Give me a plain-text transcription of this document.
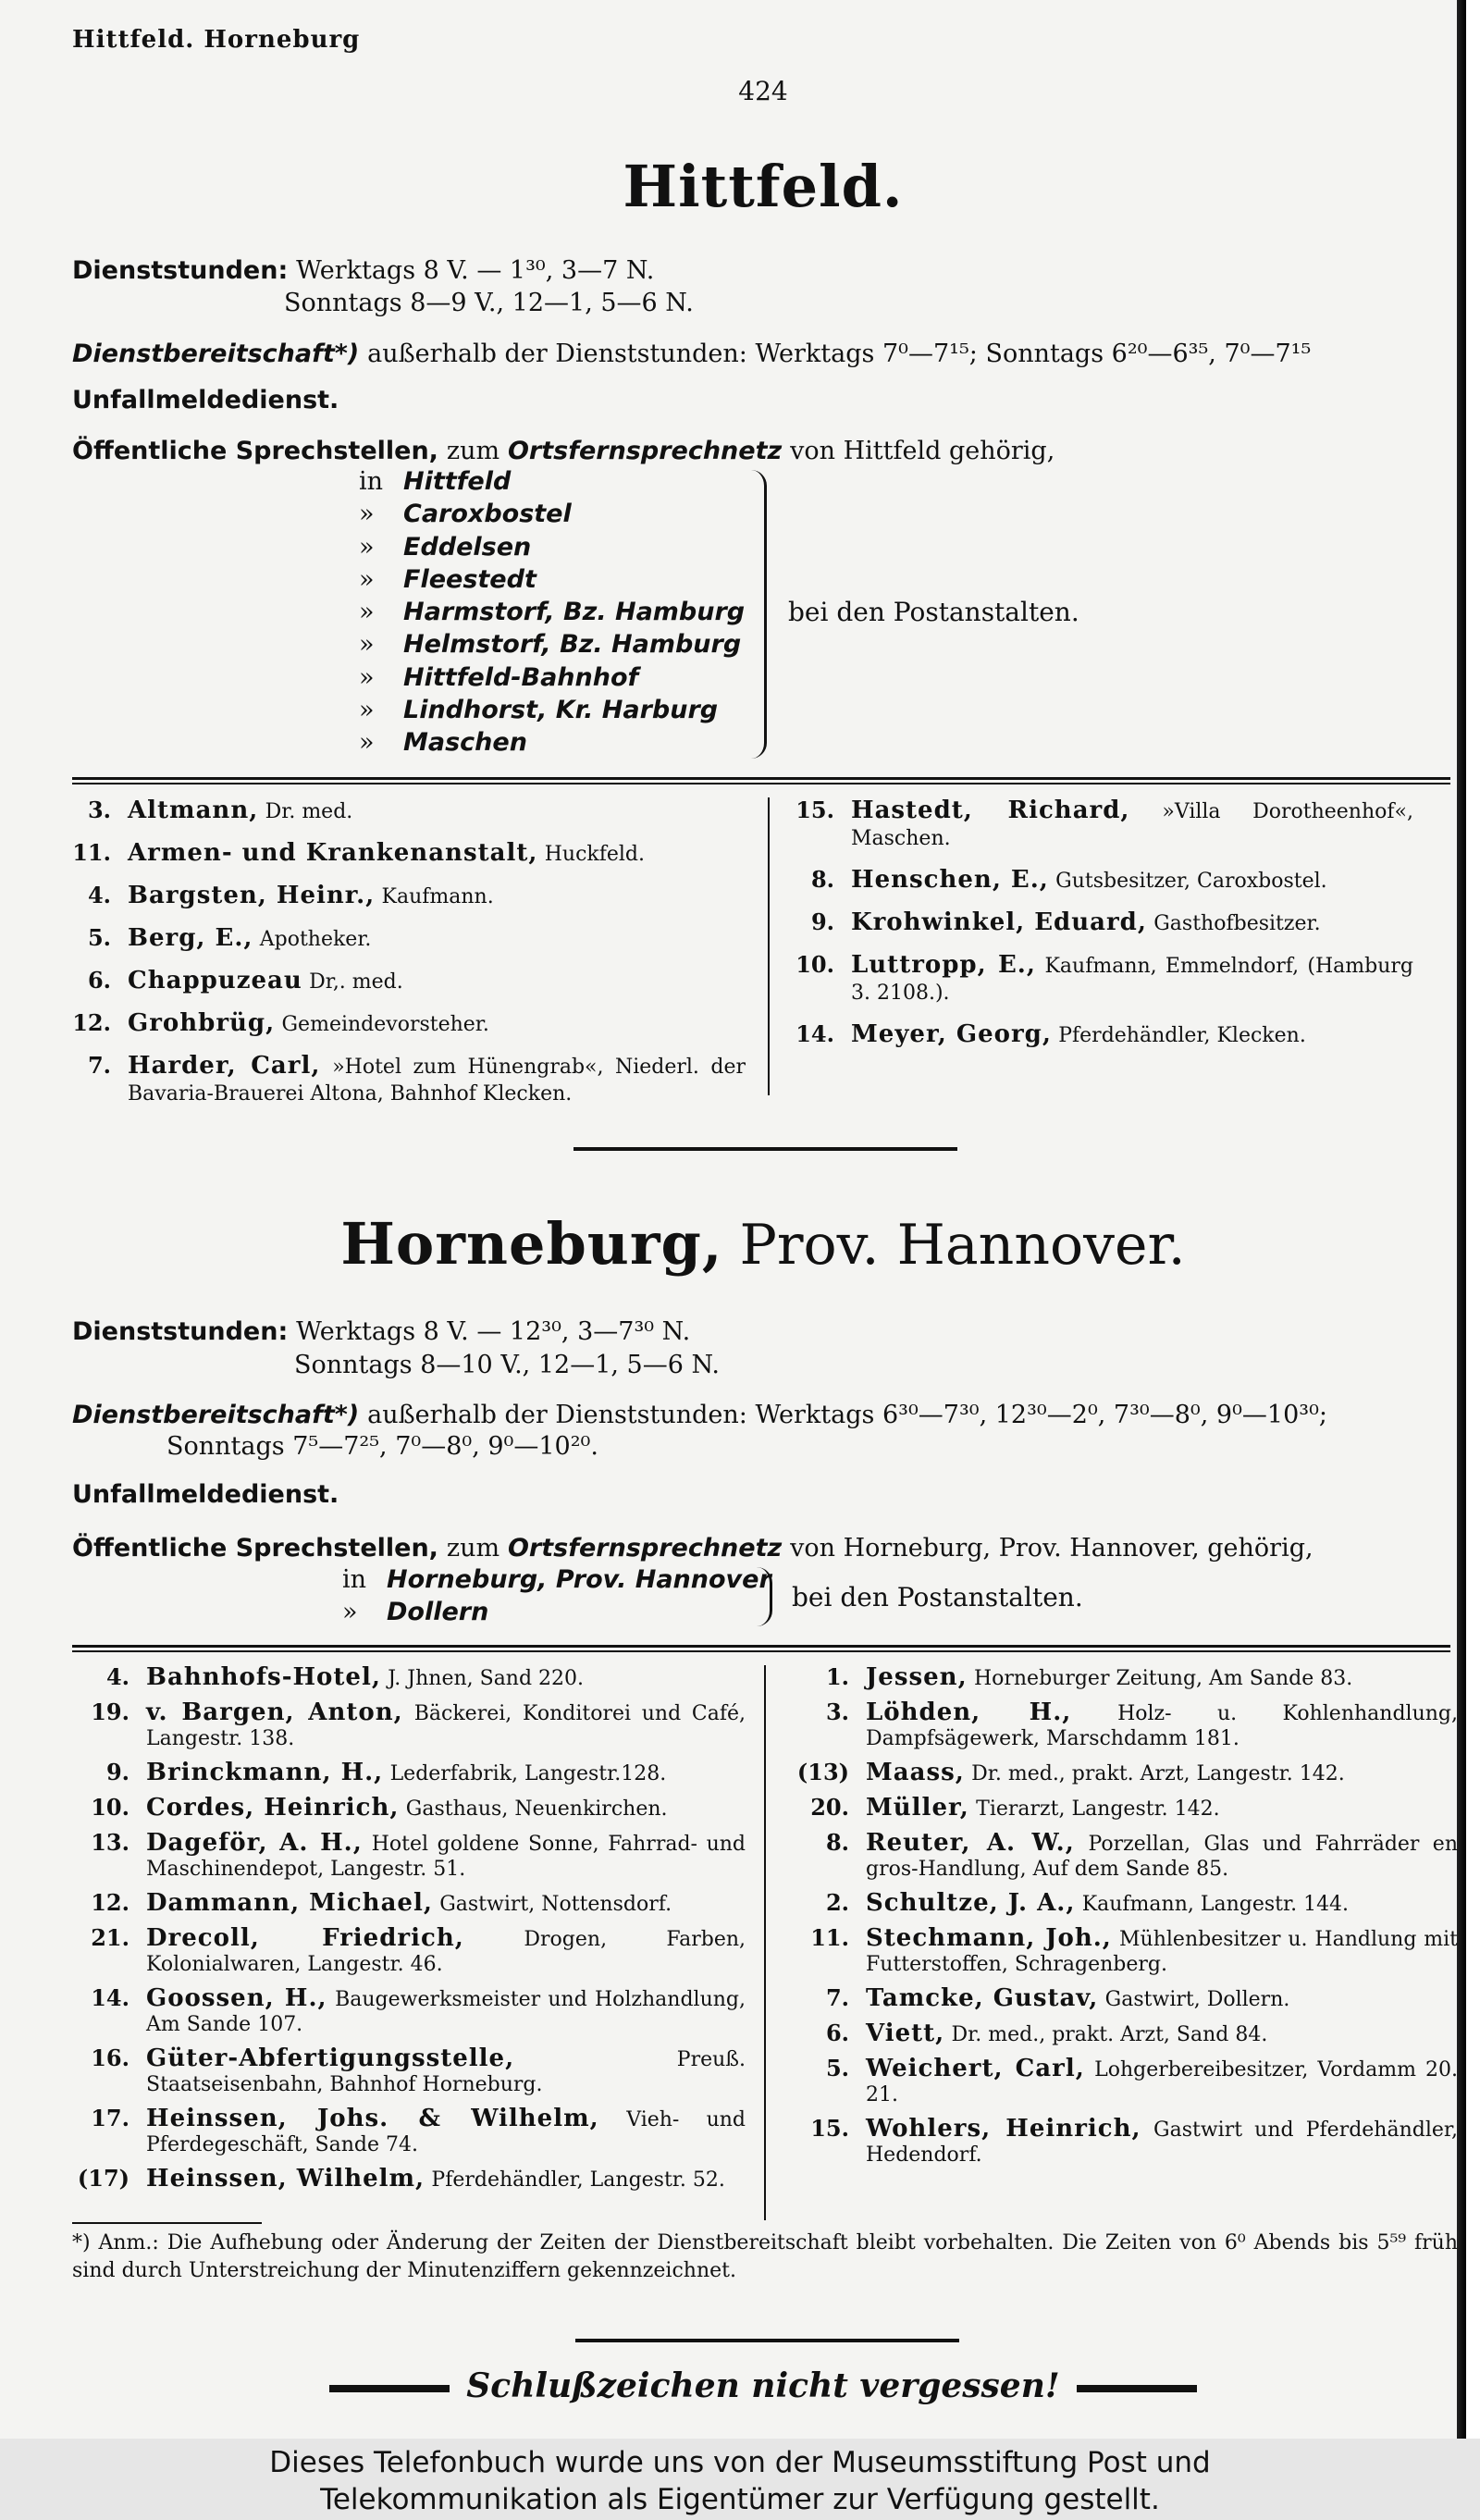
Hittfeld. Horneburg
424
Hittfeld.
Dienststunden: Werktags 8 V. — 1³⁰, 3—7 N.
Sonntags 8—9 V., 12—1, 5—6 N.
Dienstbereitschaft*) außerhalb der Dienststunden: Werktags 7⁰—7¹⁵; Sonntags 6²⁰—6³⁵, 7⁰—7¹⁵
Unfallmeldedienst.
Öffentliche Sprechstellen, zum Ortsfernsprechnetz von Hittfeld gehörig,
in Hittfeld
» Caroxbostel
» Eddelsen
» Fleestedt
» Harmstorf, Bz. Hamburg
» Helmstorf, Bz. Hamburg
» Hittfeld-Bahnhof
» Lindhorst, Kr. Harburg
» Maschen
bei den Postanstalten.
3. Altmann, Dr. med.
11. Armen- und Krankenanstalt, Huckfeld.
4. Bargsten, Heinr., Kaufmann.
5. Berg, E., Apotheker.
6. Chappuzeau Dr,. med.
12. Grohbrüg, Gemeindevorsteher.
7. Harder, Carl, »Hotel zum Hünengrab«, Niederl. der Bavaria-Brauerei Altona, Bahnhof Klecken.
15. Hastedt, Richard, »Villa Dorotheenhof«, Maschen.
8. Henschen, E., Gutsbesitzer, Caroxbostel.
9. Krohwinkel, Eduard, Gasthofbesitzer.
10. Luttropp, E., Kaufmann, Emmelndorf, (Hamburg 3. 2108.).
14. Meyer, Georg, Pferdehändler, Klecken.
Horneburg, Prov. Hannover.
Dienststunden: Werktags 8 V. — 12³⁰, 3—7³⁰ N.
Sonntags 8—10 V., 12—1, 5—6 N.
Dienstbereitschaft*) außerhalb der Dienststunden: Werktags 6³⁰—7³⁰, 12³⁰—2⁰, 7³⁰—8⁰, 9⁰—10³⁰;
Sonntags 7⁵—7²⁵, 7⁰—8⁰, 9⁰—10²⁰.
Unfallmeldedienst.
Öffentliche Sprechstellen, zum Ortsfernsprechnetz von Horneburg, Prov. Hannover, gehörig,
in Horneburg, Prov. Hannover
» Dollern	bei den Postanstalten.
4. Bahnhofs-Hotel, J. Jhnen, Sand 220.
19. v. Bargen, Anton, Bäckerei, Konditorei und Café, Langestr. 138.
9. Brinckmann, H., Lederfabrik, Langestr.128.
10. Cordes, Heinrich, Gasthaus, Neuenkirchen.
13. Dageför, A. H., Hotel goldene Sonne, Fahrrad- und Maschinendepot, Langestr. 51.
12. Dammann, Michael, Gastwirt, Nottensdorf.
21. Drecoll, Friedrich,	Drogen, Farben, Kolonialwaren, Langestr. 46.
14. Goossen, H., Baugewerksmeister und Holzhandlung, Am Sande 107.
16. Güter-Abfertigungsstelle,	Preuß. Staatseisenbahn, Bahnhof Horneburg.
17. Heinssen, Johs. & Wilhelm, Vieh- und Pferdegeschäft, Sande 74.
(17) Heinssen, Wilhelm, Pferdehändler, Langestr. 52.
1. Jessen, Horneburger Zeitung, Am Sande 83.
3. Löhden, H., Holz- u. Kohlenhandlung, Dampfsägewerk, Marschdamm 181.
(13) Maass, Dr. med., prakt. Arzt, Langestr. 142.
20. Müller, Tierarzt, Langestr. 142.
8. Reuter, A. W., Porzellan, Glas und Fahrräder en gros-Handlung, Auf dem Sande 85.
2. Schultze, J. A., Kaufmann, Langestr. 144.
11. Stechmann, Joh., Mühlenbesitzer u. Handlung mit Futterstoffen, Schragenberg.
7. Tamcke, Gustav, Gastwirt, Dollern.
6. Viett, Dr. med., prakt. Arzt, Sand 84.
5. Weichert, Carl, Lohgerbereibesitzer, Vordamm 20. 21.
15. Wohlers, Heinrich, Gastwirt und Pferdehändler, Hedendorf.
*) Anm.: Die Aufhebung oder Änderung der Zeiten der Dienstbereitschaft bleibt vorbehalten. Die Zeiten von 6⁰ Abends bis 5⁵⁹ früh sind durch Unterstreichung der Minutenziffern gekennzeichnet.
Schlußzeichen nicht vergessen!
Dieses Telefonbuch wurde uns von der Museumsstiftung Post und
Telekommunikation als Eigentümer zur Verfügung gestellt.
